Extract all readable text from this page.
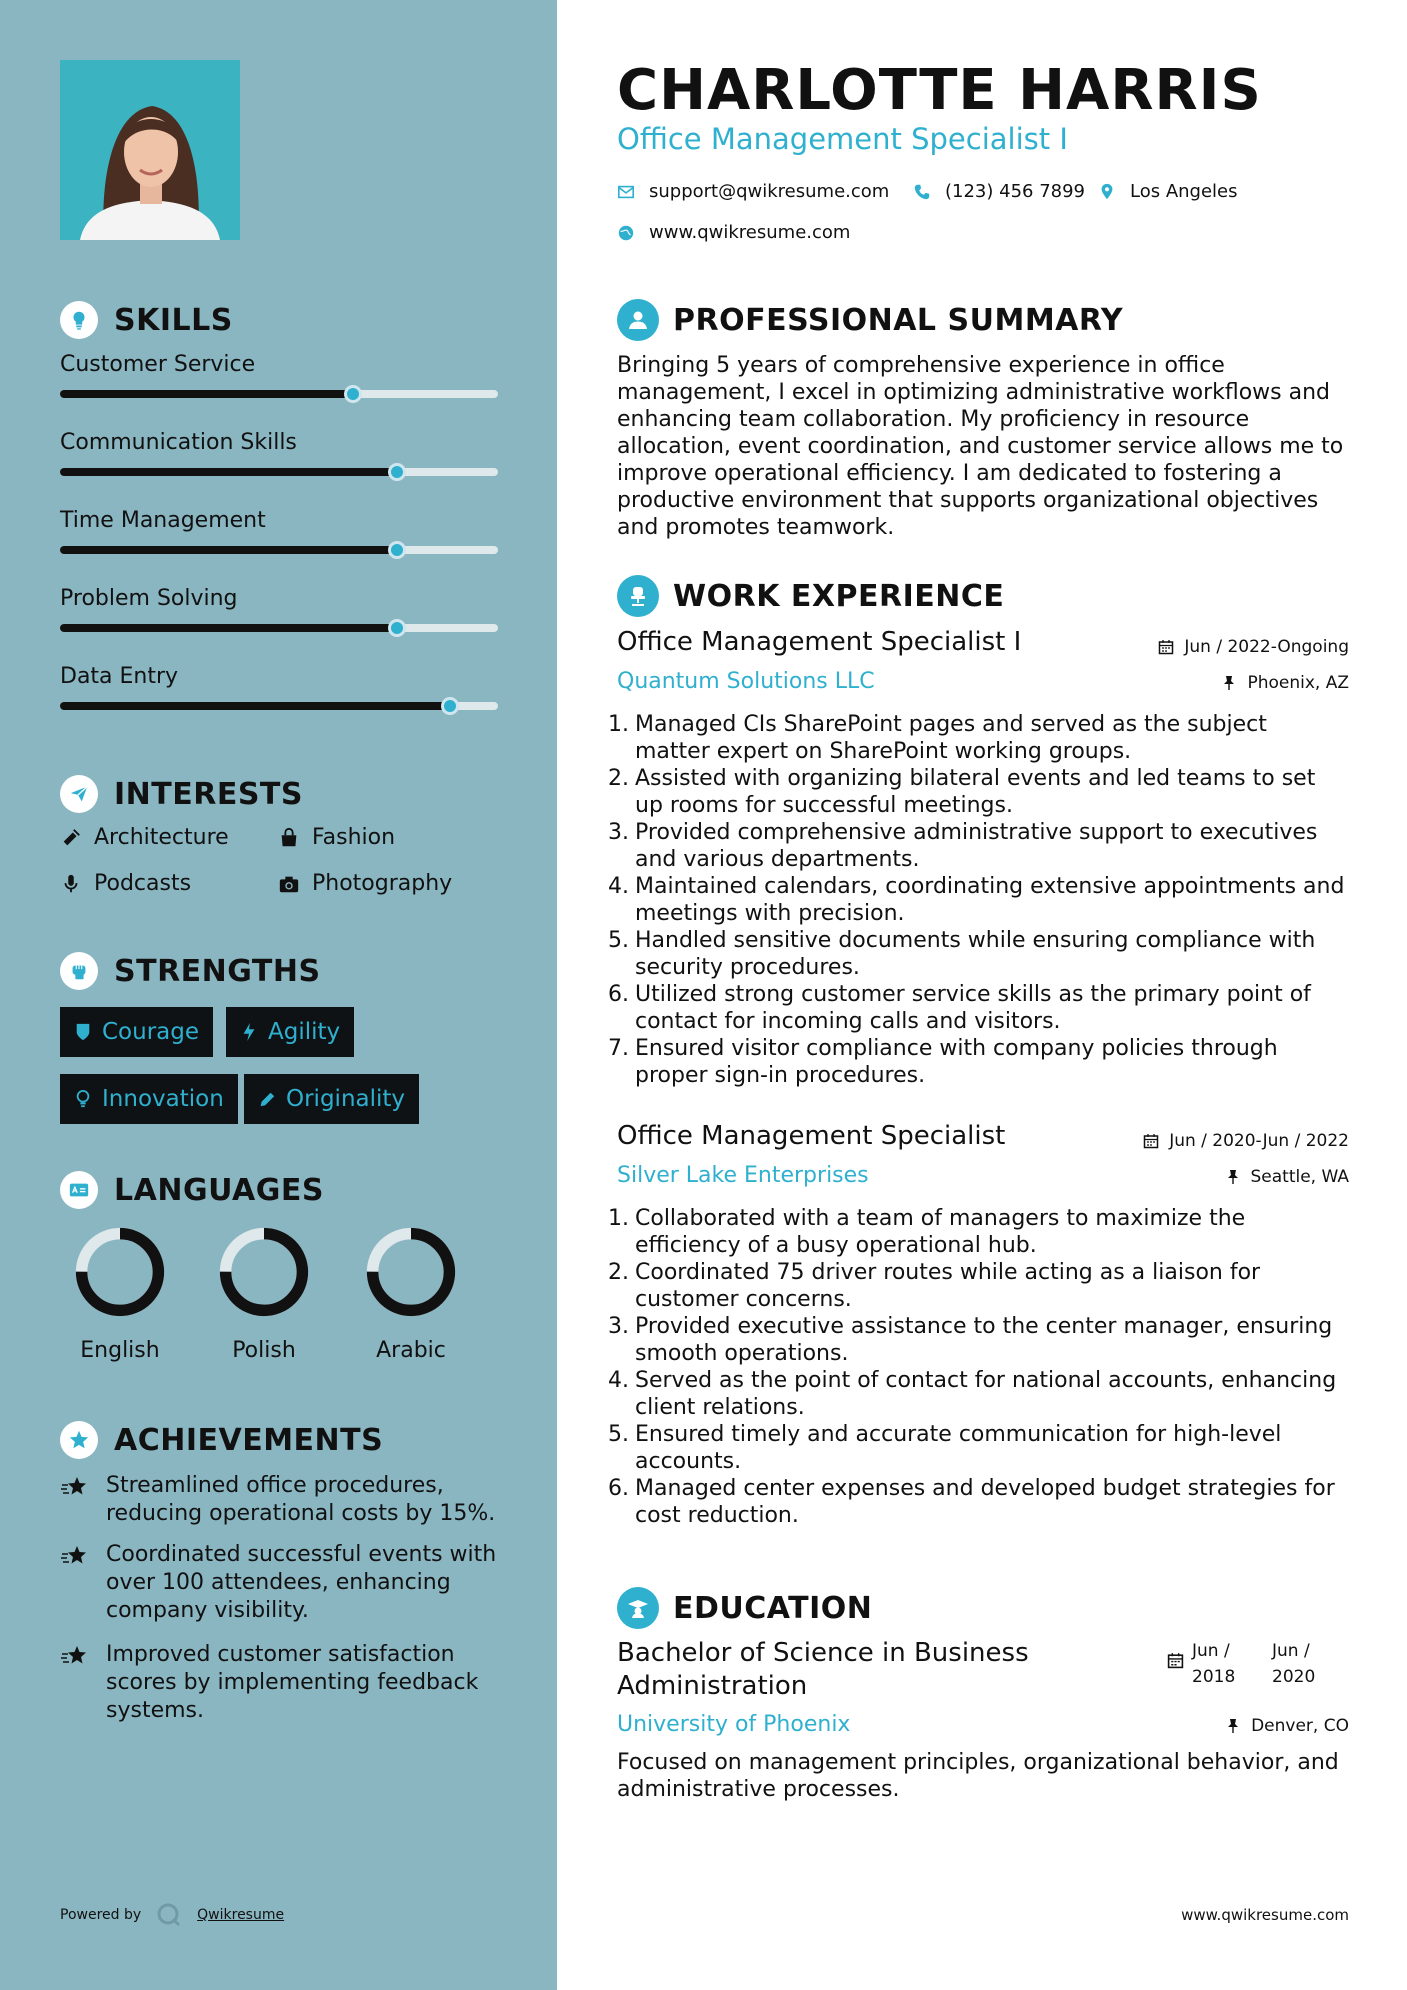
SKILLS
Customer Service
Communication Skills
Time Management
Problem Solving
Data Entry
INTERESTS
Architecture	Fashion
Podcasts	Photography
STRENGTHS
Courage	Agility
Innovation	Originality
LANGUAGES
English	Polish	Arabic
ACHIEVEMENTS
Streamlined office procedures, reducing operational costs by 15%.
Coordinated successful events with over 100 attendees, enhancing company visibility.
Improved customer satisfaction scores by implementing feedback systems.
Powered by	Qwikresume
CHARLOTTE HARRIS
Office Management Specialist I
support@qwikresume.com	(123) 456 7899 Los Angeles
www.qwikresume.com
PROFESSIONAL SUMMARY
Bringing 5 years of comprehensive experience in office management, I excel in optimizing administrative workflows and enhancing team collaboration. My proficiency in resource allocation, event coordination, and customer service allows me to improve operational efficiency. I am dedicated to fostering a productive environment that supports organizational objectives and promotes teamwork.
WORK EXPERIENCE
Office Management Specialist I	Jun / 2022-Ongoing
Quantum Solutions LLC	Phoenix, AZ
1. Managed CIs SharePoint pages and served as the subject matter expert on SharePoint working groups.
2. Assisted with organizing bilateral events and led teams to set up rooms for successful meetings.
3. Provided comprehensive administrative support to executives and various departments.
4. Maintained calendars, coordinating extensive appointments and meetings with precision.
5. Handled sensitive documents while ensuring compliance with security procedures.
6. Utilized strong customer service skills as the primary point of contact for incoming calls and visitors.
7. Ensured visitor compliance with company policies through proper sign-in procedures.
Office Management Specialist	Jun / 2020-Jun / 2022
Silver Lake Enterprises	Seattle, WA
1. Collaborated with a team of managers to maximize the efficiency of a busy operational hub.
2. Coordinated 75 driver routes while acting as a liaison for customer concerns.
3. Provided executive assistance to the center manager, ensuring smooth operations.
4. Served as the point of contact for national accounts, enhancing client relations.
5. Ensured timely and accurate communication for high-level accounts.
6. Managed center expenses and developed budget strategies for cost reduction.
EDUCATION
Bachelor of Science in Business Administration
Jun / 2018
Jun / 2020
University of Phoenix	Denver, CO
Focused on management principles, organizational behavior, and administrative processes.
www.qwikresume.com
